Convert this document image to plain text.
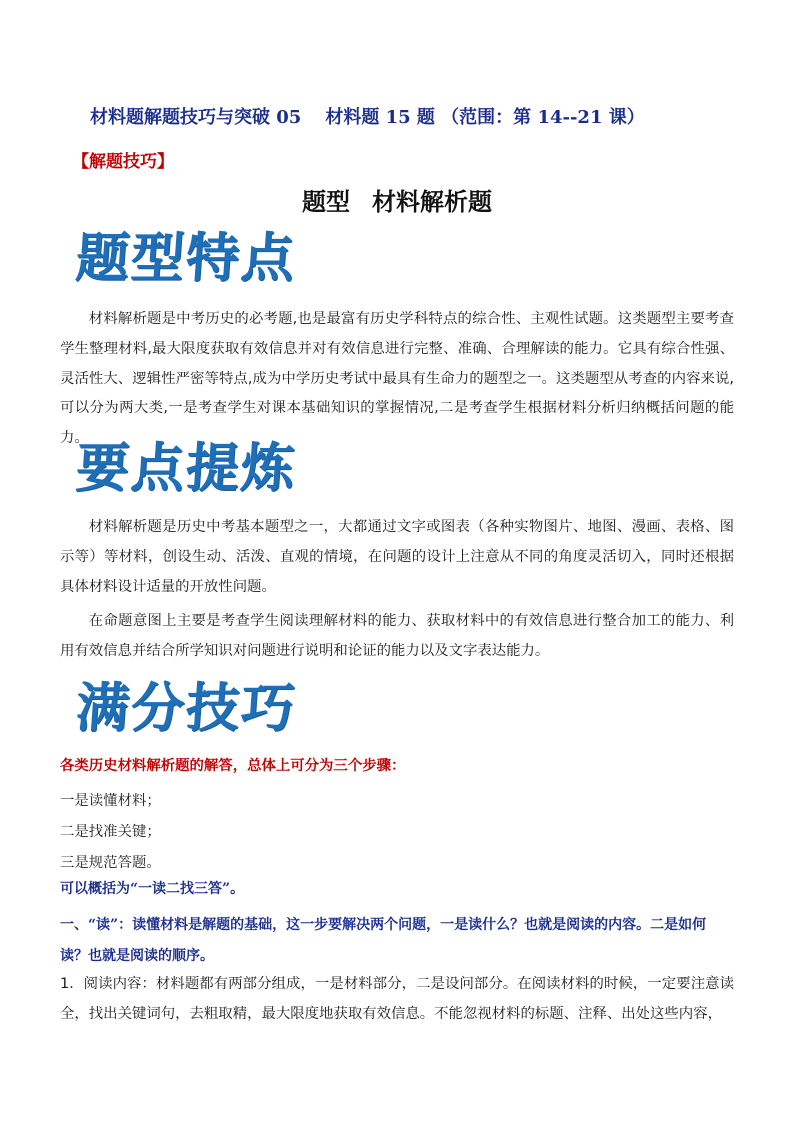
材料题解题技巧与突破 05 材料题 15 题 （范围：第 14--21 课）
【解题技巧】
题型 材料解析题
题型特点

材料解析题是中考历史的必考题,也是最富有历史学科特点的综合性、主观性试题。这类题型主要考查学生整理材料,最大限度获取有效信息并对有效信息进行完整、准确、合理解读的能力。它具有综合性强、灵活性大、逻辑性严密等特点,成为中学历史考试中最具有生命力的题型之一。这类题型从考查的内容来说,可以分为两大类,一是考查学生对课本基础知识的掌握情况,二是考查学生根据材料分析归纳概括问题的能力。

要点提炼

材料解析题是历史中考基本题型之一，大都通过文字或图表（各种实物图片、地图、漫画、表格、图示等）等材料，创设生动、活泼、直观的情境，在问题的设计上注意从不同的角度灵活切入，同时还根据具体材料设计适量的开放性问题。

在命题意图上主要是考查学生阅读理解材料的能力、获取材料中的有效信息进行整合加工的能力、利用有效信息并结合所学知识对问题进行说明和论证的能力以及文字表达能力。

满分技巧
各类历史材料解析题的解答，总体上可分为三个步骤：
一是读懂材料；
二是找准关键；
三是规范答题。
可以概括为“一读二找三答”。

一、“读”：读懂材料是解题的基础，这一步要解决两个问题，一是读什么？也就是阅读的内容。二是如何读？也就是阅读的顺序。

1．阅读内容：材料题都有两部分组成，一是材料部分，二是设问部分。在阅读材料的时候，一定要注意读全，找出关键词句，去粗取精，最大限度地获取有效信息。不能忽视材料的标题、注释、出处这些内容，
